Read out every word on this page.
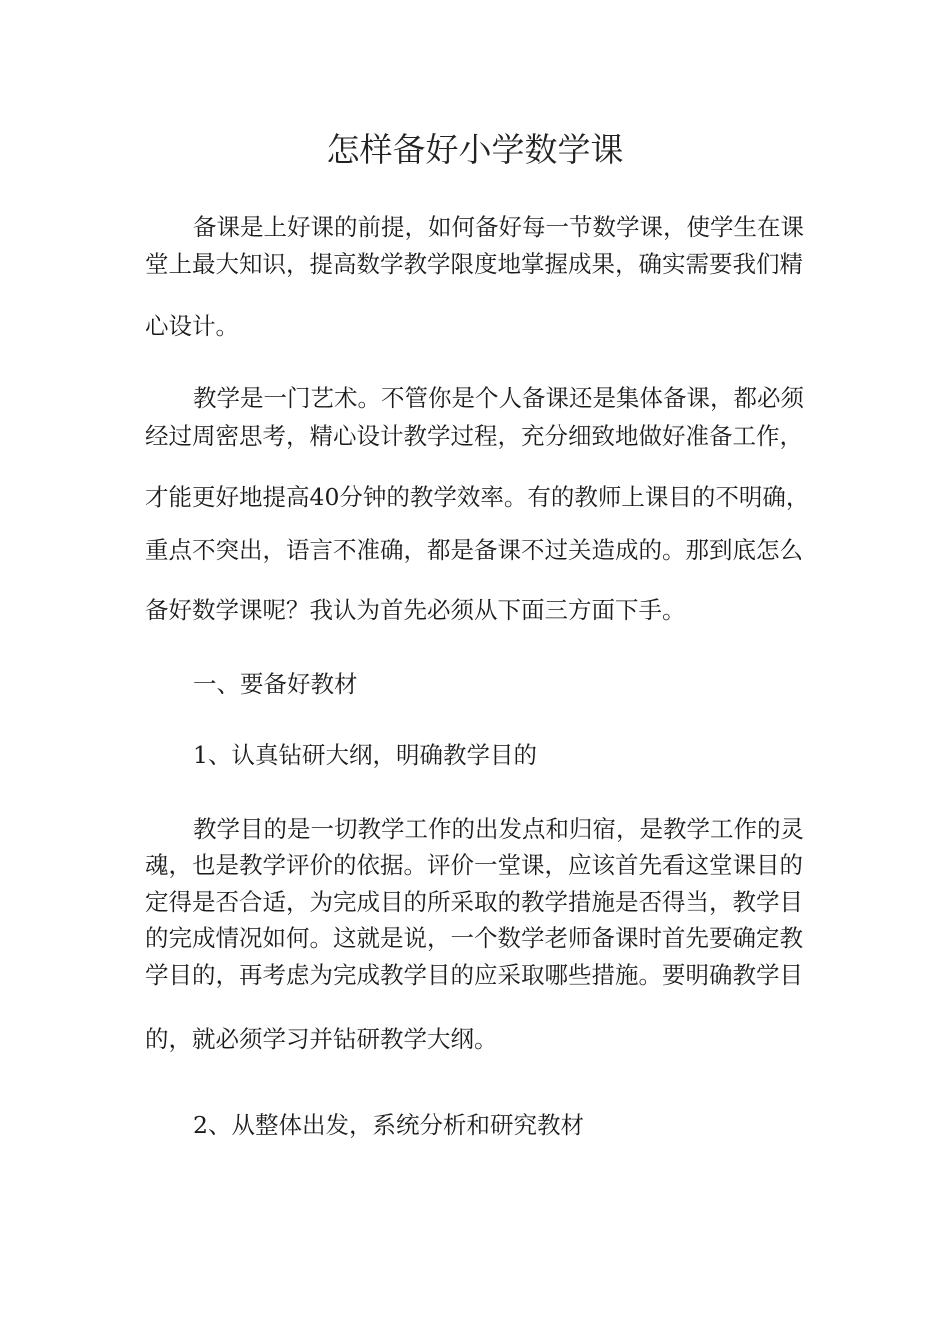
怎样备好小学数学课
备课是上好课的前提，如何备好每一节数学课，使学生在课
堂上最大知识，提高数学教学限度地掌握成果，确实需要我们精
心设计。
教学是一门艺术。不管你是个人备课还是集体备课，都必须
经过周密思考，精心设计教学过程，充分细致地做好准备工作，
才能更好地提高40分钟的教学效率。有的教师上课目的不明确，
重点不突出，语言不准确，都是备课不过关造成的。那到底怎么
备好数学课呢？我认为首先必须从下面三方面下手。
一、要备好教材
1、认真钻研大纲，明确教学目的
教学目的是一切教学工作的出发点和归宿，是教学工作的灵
魂，也是教学评价的依据。评价一堂课，应该首先看这堂课目的
定得是否合适，为完成目的所采取的教学措施是否得当，教学目
的完成情况如何。这就是说，一个数学老师备课时首先要确定教
学目的，再考虑为完成教学目的应采取哪些措施。要明确教学目
的，就必须学习并钻研教学大纲。
2、从整体出发，系统分析和研究教材
